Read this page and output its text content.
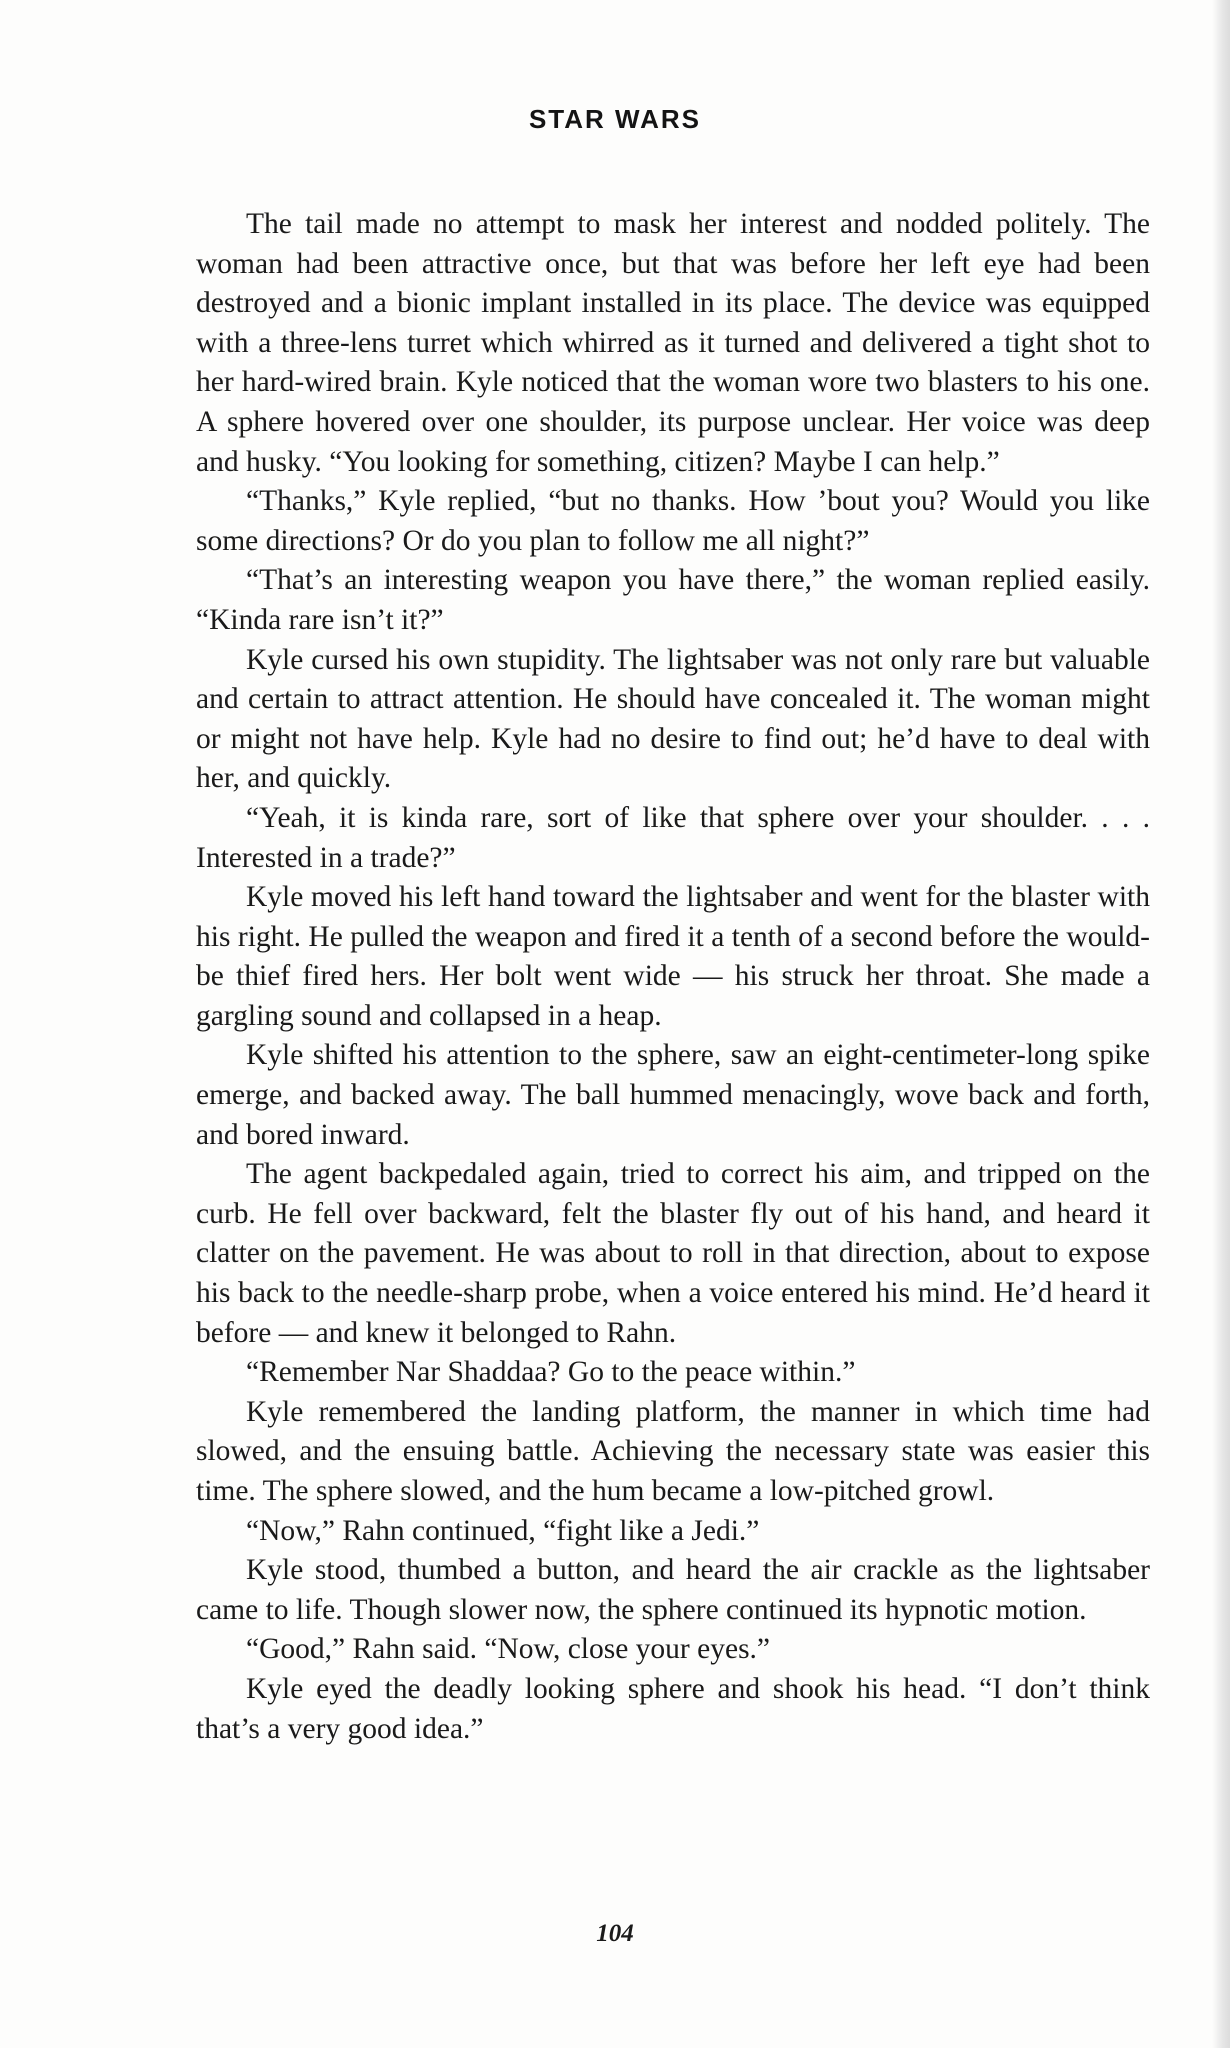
STAR WARS

The tail made no attempt to mask her interest and nodded politely. The woman had been attractive once, but that was before her left eye had been destroyed and a bionic implant installed in its place. The device was equipped with a three-lens turret which whirred as it turned and delivered a tight shot to her hard-wired brain. Kyle noticed that the woman wore two blasters to his one. A sphere hovered over one shoulder, its purpose unclear. Her voice was deep and husky. “You looking for something, citizen? Maybe I can help.”

“Thanks,” Kyle replied, “but no thanks. How ’bout you? Would you like some directions? Or do you plan to follow me all night?”

“That’s an interesting weapon you have there,” the woman replied easily. “Kinda rare isn’t it?”

Kyle cursed his own stupidity. The lightsaber was not only rare but valuable and certain to attract attention. He should have concealed it. The woman might or might not have help. Kyle had no desire to find out; he’d have to deal with her, and quickly.

“Yeah, it is kinda rare, sort of like that sphere over your shoulder. . . . Interested in a trade?”

Kyle moved his left hand toward the lightsaber and went for the blaster with his right. He pulled the weapon and fired it a tenth of a second before the would-be thief fired hers. Her bolt went wide — his struck her throat. She made a gargling sound and collapsed in a heap.

Kyle shifted his attention to the sphere, saw an eight-centimeter-long spike emerge, and backed away. The ball hummed menacingly, wove back and forth, and bored inward.

The agent backpedaled again, tried to correct his aim, and tripped on the curb. He fell over backward, felt the blaster fly out of his hand, and heard it clatter on the pavement. He was about to roll in that direction, about to expose his back to the needle-sharp probe, when a voice entered his mind. He’d heard it before — and knew it belonged to Rahn.

“Remember Nar Shaddaa? Go to the peace within.”

Kyle remembered the landing platform, the manner in which time had slowed, and the ensuing battle. Achieving the necessary state was easier this time. The sphere slowed, and the hum became a low-pitched growl.

“Now,” Rahn continued, “fight like a Jedi.”

Kyle stood, thumbed a button, and heard the air crackle as the lightsaber came to life. Though slower now, the sphere continued its hypnotic motion.

“Good,” Rahn said. “Now, close your eyes.”

Kyle eyed the deadly looking sphere and shook his head. “I don’t think that’s a very good idea.”

104
